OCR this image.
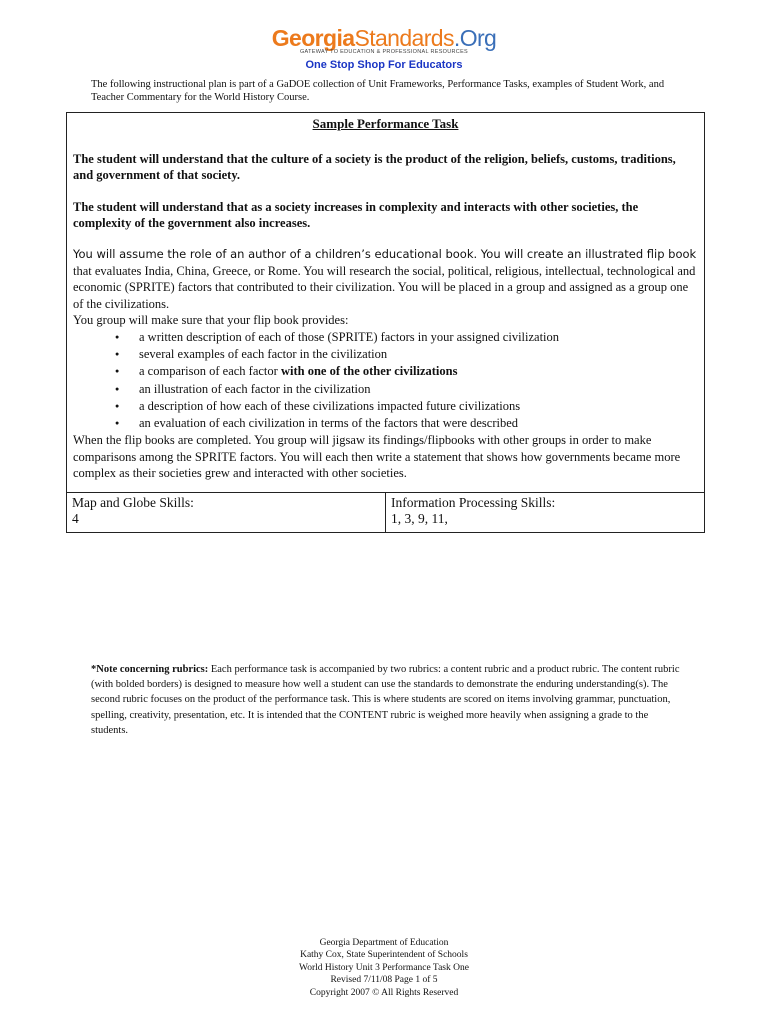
GeorgiaStandards.Org
GATEWAY TO EDUCATION & PROFESSIONAL RESOURCES
One Stop Shop For Educators
The following instructional plan is part of a GaDOE collection of Unit Frameworks, Performance Tasks, examples of Student Work, and Teacher Commentary for the World History Course.
Sample Performance Task
The student will understand that the culture of a society is the product of the religion, beliefs, customs, traditions, and government of that society.
The student will understand that as a society increases in complexity and interacts with other societies, the complexity of the government also increases.
You will assume the role of an author of a children’s educational book. You will create an illustrated flip book that evaluates India, China, Greece, or Rome. You will research the social, political, religious, intellectual, technological and economic (SPRITE) factors that contributed to their civilization. You will be placed in a group and assigned as a group one of the civilizations.
You group will make sure that your flip book provides:
● a written description of each of those (SPRITE) factors in your assigned civilization
● several examples of each factor in the civilization
● a comparison of each factor with one of the other civilizations
● an illustration of each factor in the civilization
● a description of how each of these civilizations impacted future civilizations
● an evaluation of each civilization in terms of the factors that were described
When the flip books are completed. You group will jigsaw its findings/flipbooks with other groups in order to make comparisons among the SPRITE factors. You will each then write a statement that shows how governments became more complex as their societies grew and interacted with other societies.
Map and Globe Skills:
4
Information Processing Skills:
1, 3, 9, 11,
*Note concerning rubrics: Each performance task is accompanied by two rubrics: a content rubric and a product rubric. The content rubric (with bolded borders) is designed to measure how well a student can use the standards to demonstrate the enduring understanding(s). The second rubric focuses on the product of the performance task. This is where students are scored on items involving grammar, punctuation, spelling, creativity, presentation, etc. It is intended that the CONTENT rubric is weighed more heavily when assigning a grade to the students.
Georgia Department of Education
Kathy Cox, State Superintendent of Schools
World History Unit 3 Performance Task One
Revised 7/11/08 Page 1 of 5
Copyright 2007 © All Rights Reserved
